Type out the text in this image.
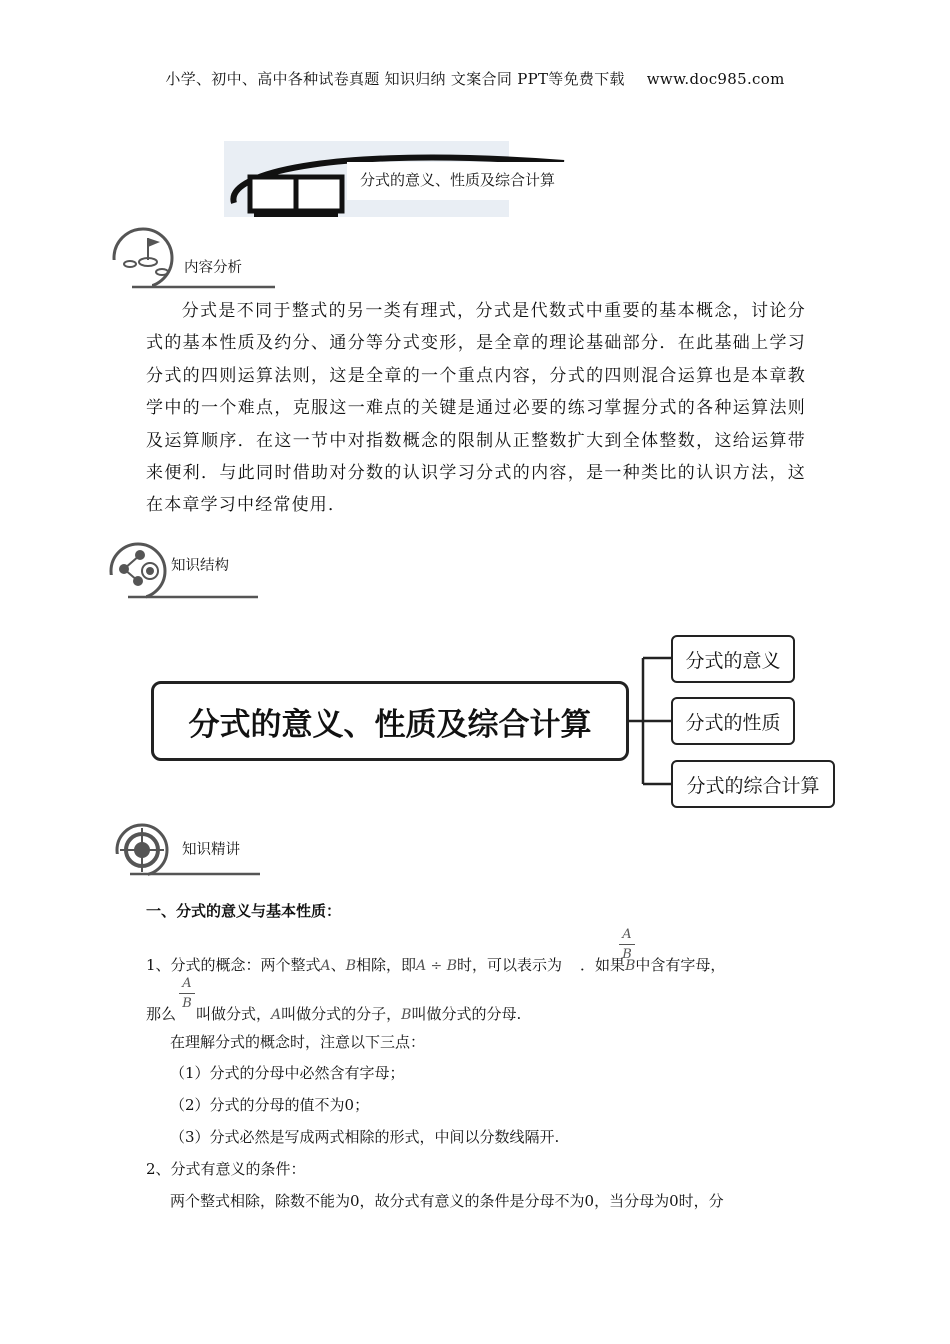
小学、初中、高中各种试卷真题 知识归纳 文案合同 PPT等免费下载 www.doc985.com
分式的意义、性质及综合计算
内容分析

分式是不同于整式的另一类有理式，分式是代数式中重要的基本概念，讨论分式的基本性质及约分、通分等分式变形，是全章的理论基础部分．在此基础上学习分式的四则运算法则，这是全章的一个重点内容，分式的四则混合运算也是本章教学中的一个难点，克服这一难点的关键是通过必要的练习掌握分式的各种运算法则及运算顺序．在这一节中对指数概念的限制从正整数扩大到全体整数，这给运算带来便利．与此同时借助对分数的认识学习分式的内容，是一种类比的认识方法，这在本章学习中经常使用．

知识结构
分式的意义、性质及综合计算
分式的意义
分式的性质
分式的综合计算
知识精讲
一、分式的意义与基本性质：
1、分式的概念：两个整式A、B相除，即A ÷ B时，可以表示为 ．如果B中含有字母，
A
B
那么 叫做分式，A叫做分式的分子，B叫做分式的分母.
A
B
在理解分式的概念时，注意以下三点：
（1）分式的分母中必然含有字母；
（2）分式的分母的值不为0；
（3）分式必然是写成两式相除的形式，中间以分数线隔开.
2、分式有意义的条件：
两个整式相除，除数不能为0，故分式有意义的条件是分母不为0，当分母为0时，分
